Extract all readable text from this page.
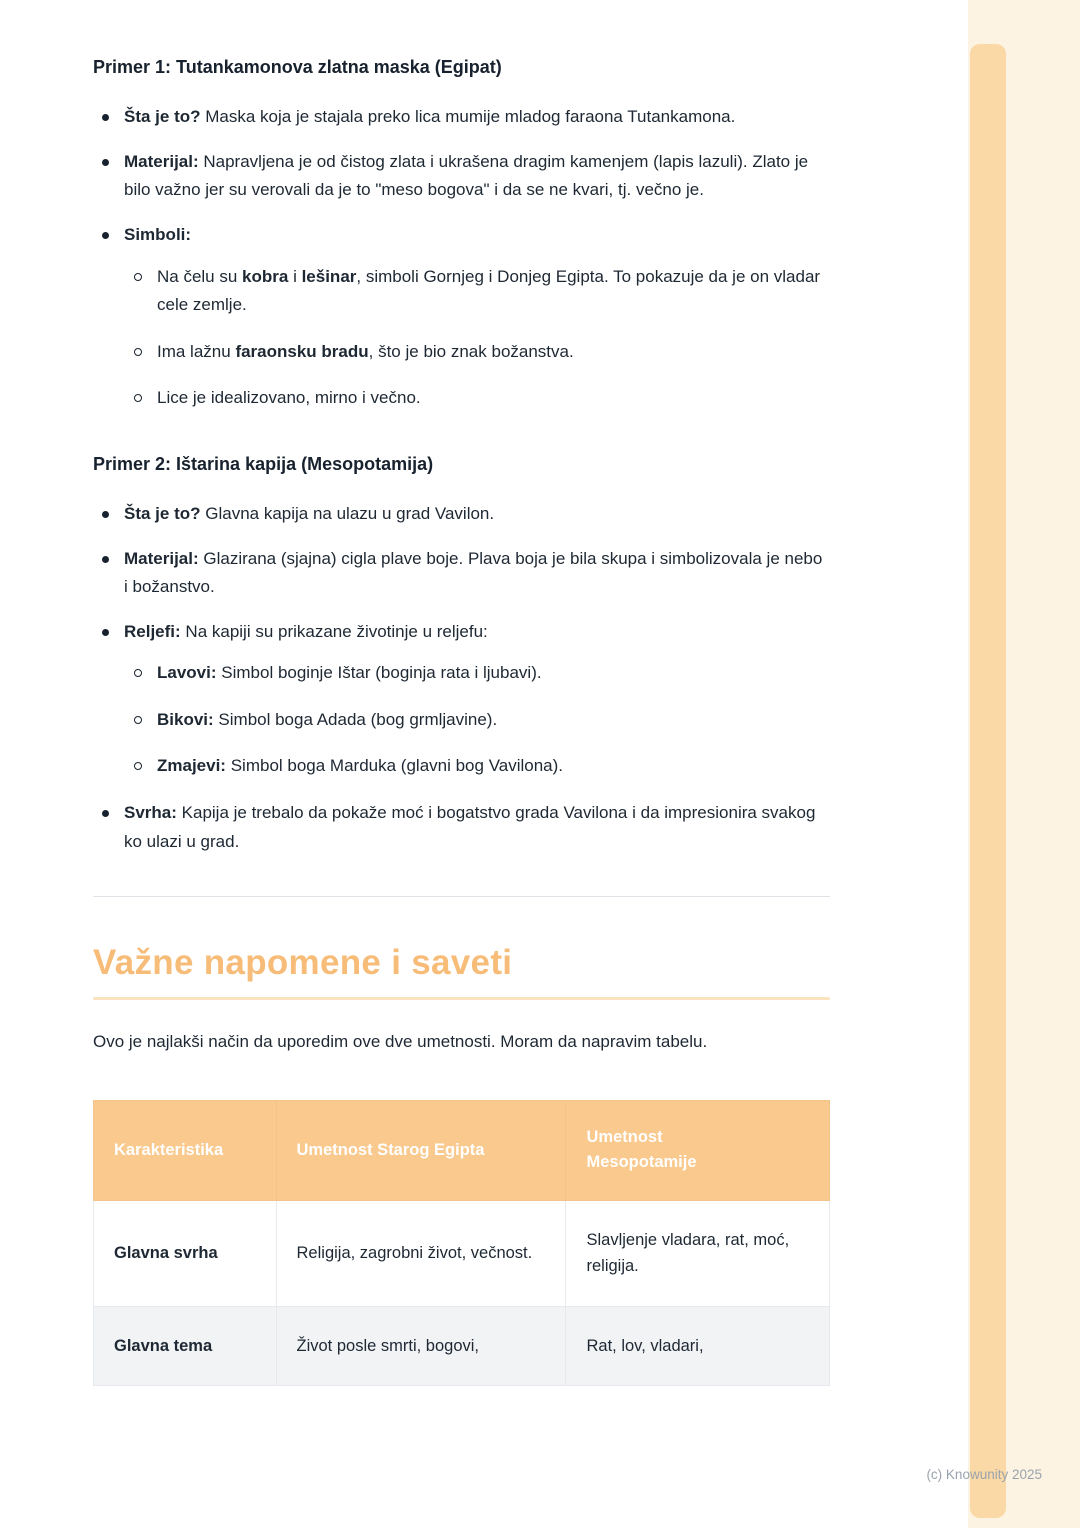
(c) Knowunity 2025
Primer 1: Tutankamonova zlatna maska (Egipat)
Šta je to? Maska koja je stajala preko lica mumije mladog faraona Tutankamona.
Materijal: Napravljena je od čistog zlata i ukrašena dragim kamenjem (lapis lazuli). Zlato je bilo važno jer su verovali da je to "meso bogova" i da se ne kvari, tj. večno je.
Simboli:
Na čelu su kobra i lešinar, simboli Gornjeg i Donjeg Egipta. To pokazuje da je on vladar cele zemlje.
Ima lažnu faraonsku bradu, što je bio znak božanstva.
Lice je idealizovano, mirno i večno.
Primer 2: Ištarina kapija (Mesopotamija)
Šta je to? Glavna kapija na ulazu u grad Vavilon.
Materijal: Glazirana (sjajna) cigla plave boje. Plava boja je bila skupa i simbolizovala je nebo i božanstvo.
Reljefi: Na kapiji su prikazane životinje u reljefu:
Lavovi: Simbol boginje Ištar (boginja rata i ljubavi).
Bikovi: Simbol boga Adada (bog grmljavine).
Zmajevi: Simbol boga Marduka (glavni bog Vavilona).
Svrha: Kapija je trebalo da pokaže moć i bogatstvo grada Vavilona i da impresionira svakog ko ulazi u grad.
Važne napomene i saveti

Ovo je najlakši način da uporedim ove dve umetnosti. Moram da napravim tabelu.

Karakteristika	Umetnost Starog Egipta	Umetnost Mesopotamije
Glavna svrha	Religija, zagrobni život, večnost.	Slavljenje vladara, rat, moć, religija.
Glavna tema	Život posle smrti, bogovi,	Rat, lov, vladari,
